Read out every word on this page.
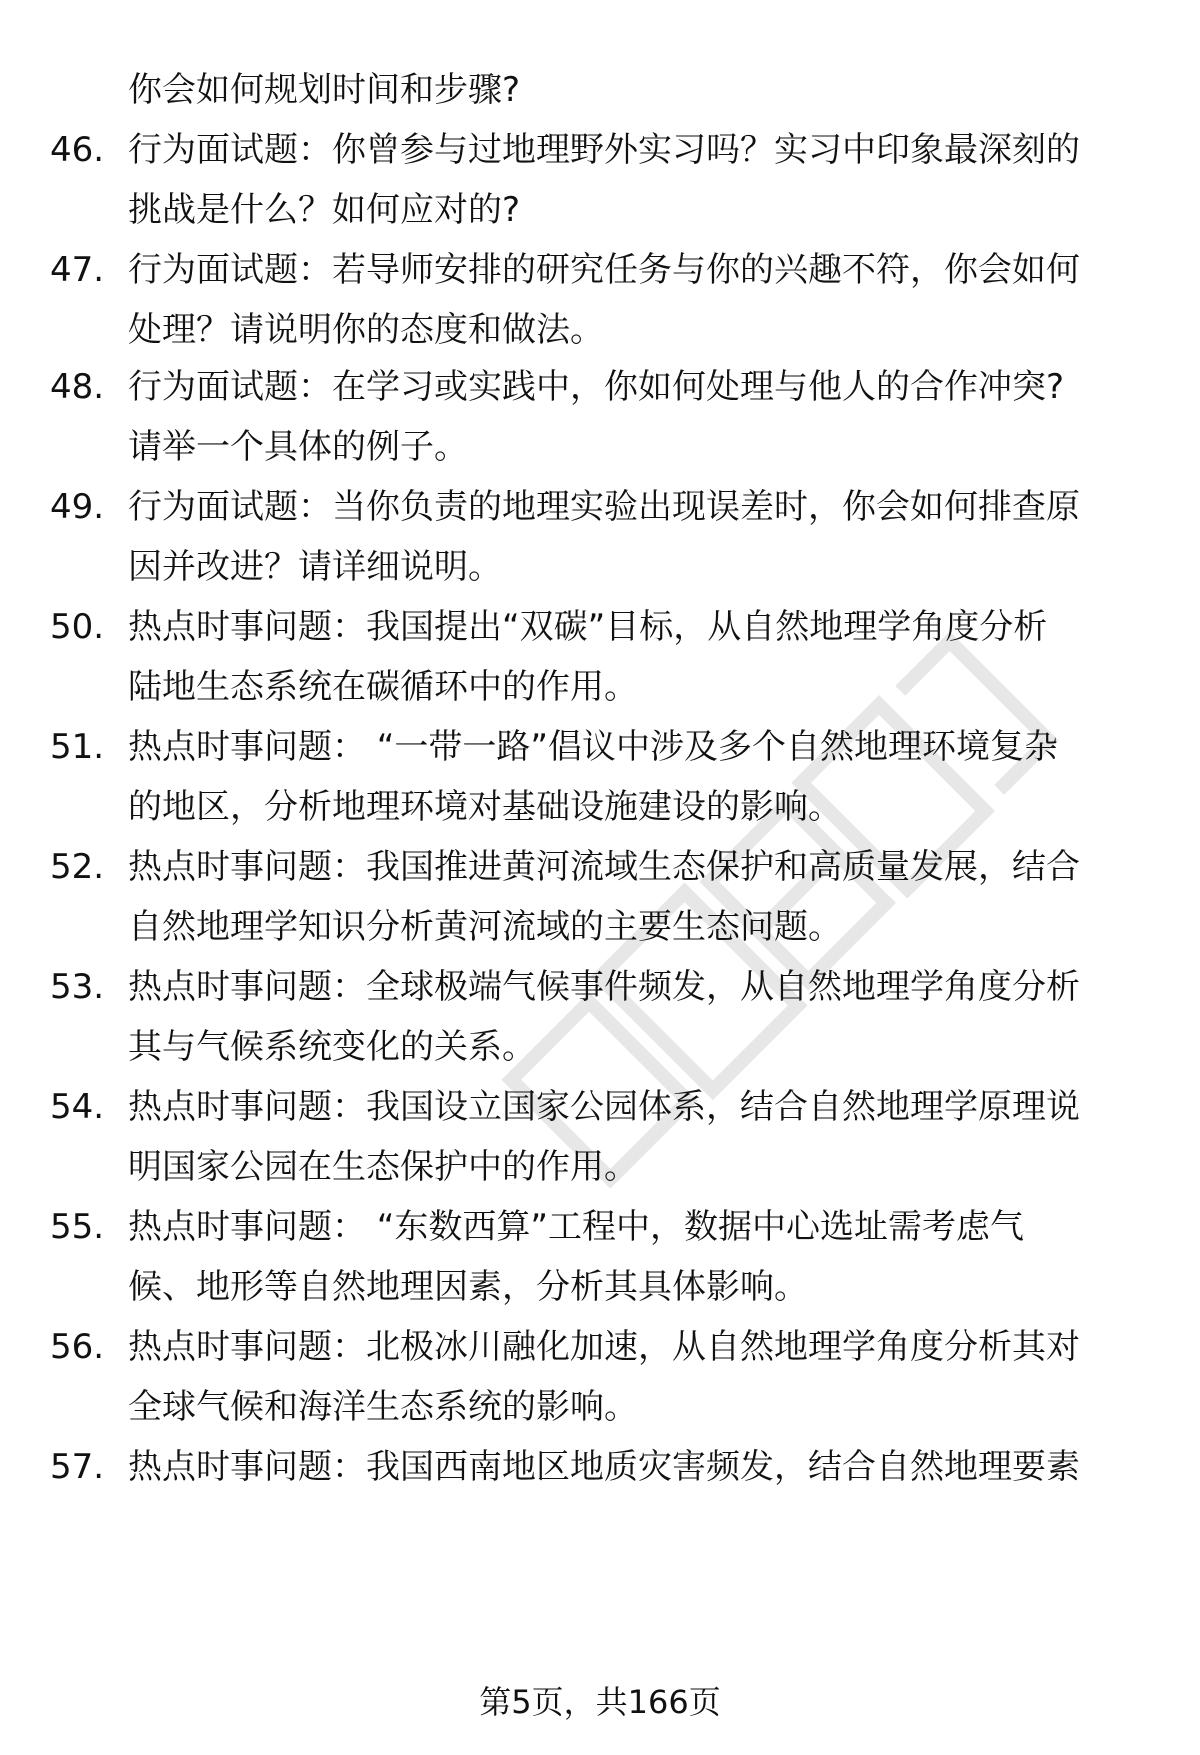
你会如何规划时间和步骤?
46. 行为面试题：你曾参与过地理野外实习吗？实习中印象最深刻的
挑战是什么？如何应对的?
47. 行为面试题：若导师安排的研究任务与你的兴趣不符，你会如何
处理？请说明你的态度和做法。
48. 行为面试题：在学习或实践中，你如何处理与他人的合作冲突?
请举一个具体的例子。
49. 行为面试题：当你负责的地理实验出现误差时，你会如何排查原
因并改进？请详细说明。
50. 热点时事问题：我国提出“双碳”目标，从自然地理学角度分析
陆地生态系统在碳循环中的作用。
51. 热点时事问题： “一带一路”倡议中涉及多个自然地理环境复杂
的地区，分析地理环境对基础设施建设的影响。
52. 热点时事问题：我国推进黄河流域生态保护和高质量发展，结合
自然地理学知识分析黄河流域的主要生态问题。
53. 热点时事问题：全球极端气候事件频发，从自然地理学角度分析
其与气候系统变化的关系。
54. 热点时事问题：我国设立国家公园体系，结合自然地理学原理说
明国家公园在生态保护中的作用。
55. 热点时事问题： “东数西算”工程中，数据中心选址需考虑气
候、地形等自然地理因素，分析其具体影响。
56. 热点时事问题：北极冰川融化加速，从自然地理学角度分析其对
全球气候和海洋生态系统的影响。
57. 热点时事问题：我国西南地区地质灾害频发，结合自然地理要素
第5页，共166页
